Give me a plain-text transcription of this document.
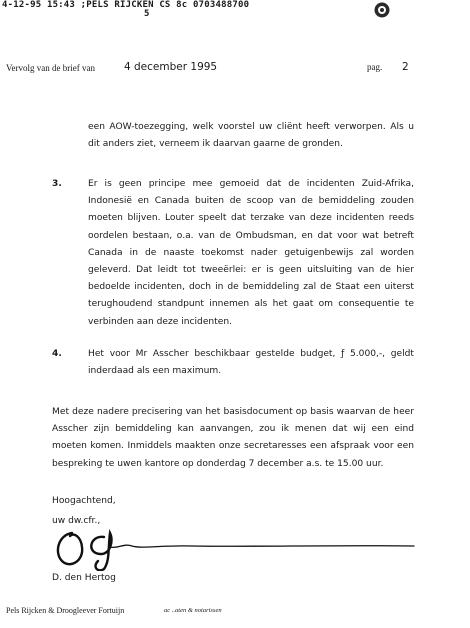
4-12-95 15:43 ;PELS RIJCKEN CS 8c 0703488700
5
Vervolg van de brief van	4 december 1995	pag. 2

een AOW-toezegging, welk voorstel uw cliënt heeft verworpen. Als u dit anders ziet, verneem ik daarvan gaarne de gronden.

3.	Er is geen principe mee gemoeid dat de incidenten Zuid-Afrika, Indonesië en Canada buiten de scoop van de bemiddeling zouden moeten blijven. Louter speelt dat terzake van deze incidenten reeds oordelen bestaan, o.a. van de Ombudsman, en dat voor wat betreft Canada in de naaste toekomst nader getuigenbewijs zal worden geleverd. Dat leidt tot tweeërlei: er is geen uitsluiting van de hier bedoelde incidenten, doch in de bemiddeling zal de Staat een uiterst terughoudend standpunt innemen als het gaat om consequentie te verbinden aan deze incidenten.

4.	Het voor Mr Asscher beschikbaar gestelde budget, ƒ 5.000,-, geldt inderdaad als een maximum.

Met deze nadere precisering van het basisdocument op basis waarvan de heer Asscher zijn bemiddeling kan aanvangen, zou ik menen dat wij een eind moeten komen. Inmiddels maakten onze secretaresses een afspraak voor een bespreking te uwen kantore op donderdag 7 december a.s. te 15.00 uur.

Hoogachtend,
uw dw.cfr.,
D. den Hertog
Pels Rijcken & Droogleever Fortuijn	ac ..aten & notarissen
